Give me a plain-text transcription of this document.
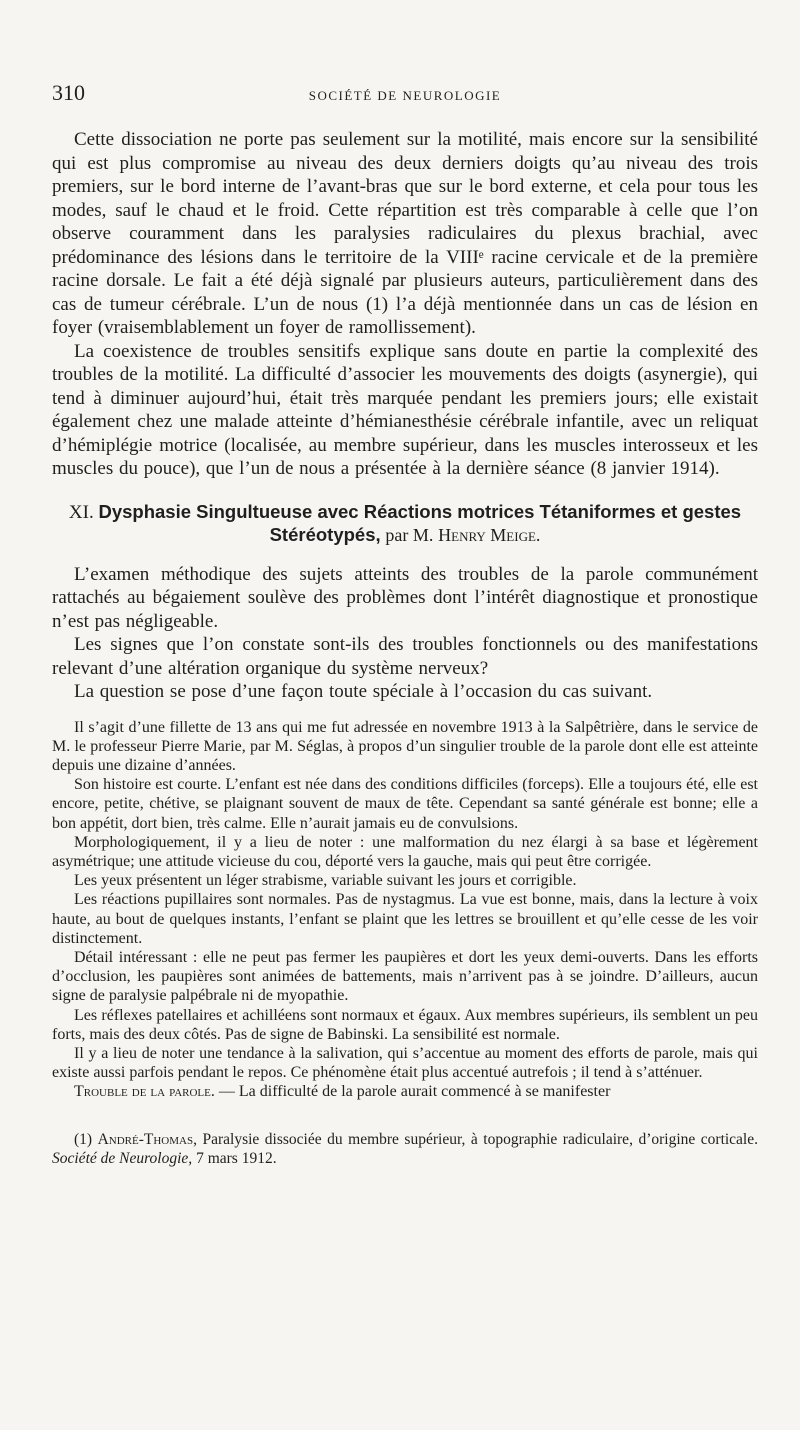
310	SOCIÉTÉ DE NEUROLOGIE

Cette dissociation ne porte pas seulement sur la motilité, mais encore sur la sensibilité qui est plus compromise au niveau des deux derniers doigts qu’au niveau des trois premiers, sur le bord interne de l’avant-bras que sur le bord externe, et cela pour tous les modes, sauf le chaud et le froid. Cette répartition est très comparable à celle que l’on observe couramment dans les paralysies radiculaires du plexus brachial, avec prédominance des lésions dans le territoire de la VIIIᵉ racine cervicale et de la première racine dorsale. Le fait a été déjà signalé par plusieurs auteurs, particulièrement dans des cas de tumeur cérébrale. L’un de nous (1) l’a déjà mentionnée dans un cas de lésion en foyer (vraisemblablement un foyer de ramollissement).

La coexistence de troubles sensitifs explique sans doute en partie la complexité des troubles de la motilité. La difficulté d’associer les mouvements des doigts (asynergie), qui tend à diminuer aujourd’hui, était très marquée pendant les premiers jours; elle existait également chez une malade atteinte d’hémianesthésie cérébrale infantile, avec un reliquat d’hémiplégie motrice (localisée, au membre supérieur, dans les muscles interosseux et les muscles du pouce), que l’un de nous a présentée à la dernière séance (8 janvier 1914).

XI. Dysphasie Singultueuse avec Réactions motrices Tétaniformes et gestes Stéréotypés, par M. Henry Meige.

L’examen méthodique des sujets atteints des troubles de la parole communément rattachés au bégaiement soulève des problèmes dont l’intérêt diagnostique et pronostique n’est pas négligeable.

Les signes que l’on constate sont-ils des troubles fonctionnels ou des manifestations relevant d’une altération organique du système nerveux?

La question se pose d’une façon toute spéciale à l’occasion du cas suivant.

Il s’agit d’une fillette de 13 ans qui me fut adressée en novembre 1913 à la Salpêtrière, dans le service de M. le professeur Pierre Marie, par M. Séglas, à propos d’un singulier trouble de la parole dont elle est atteinte depuis une dizaine d’années.

Son histoire est courte. L’enfant est née dans des conditions difficiles (forceps). Elle a toujours été, elle est encore, petite, chétive, se plaignant souvent de maux de tête. Cependant sa santé générale est bonne; elle a bon appétit, dort bien, très calme. Elle n’aurait jamais eu de convulsions.

Morphologiquement, il y a lieu de noter : une malformation du nez élargi à sa base et légèrement asymétrique; une attitude vicieuse du cou, déporté vers la gauche, mais qui peut être corrigée.

Les yeux présentent un léger strabisme, variable suivant les jours et corrigible.

Les réactions pupillaires sont normales. Pas de nystagmus. La vue est bonne, mais, dans la lecture à voix haute, au bout de quelques instants, l’enfant se plaint que les lettres se brouillent et qu’elle cesse de les voir distinctement.

Détail intéressant : elle ne peut pas fermer les paupières et dort les yeux demi-ouverts. Dans les efforts d’occlusion, les paupières sont animées de battements, mais n’arrivent pas à se joindre. D’ailleurs, aucun signe de paralysie palpébrale ni de myopathie.

Les réflexes patellaires et achilléens sont normaux et égaux. Aux membres supérieurs, ils semblent un peu forts, mais des deux côtés. Pas de signe de Babinski. La sensibilité est normale.

Il y a lieu de noter une tendance à la salivation, qui s’accentue au moment des efforts de parole, mais qui existe aussi parfois pendant le repos. Ce phénomène était plus accentué autrefois ; il tend à s’atténuer.

Trouble de la parole. — La difficulté de la parole aurait commencé à se manifester

(1) André-Thomas, Paralysie dissociée du membre supérieur, à topographie radiculaire, d’origine corticale. Société de Neurologie, 7 mars 1912.
